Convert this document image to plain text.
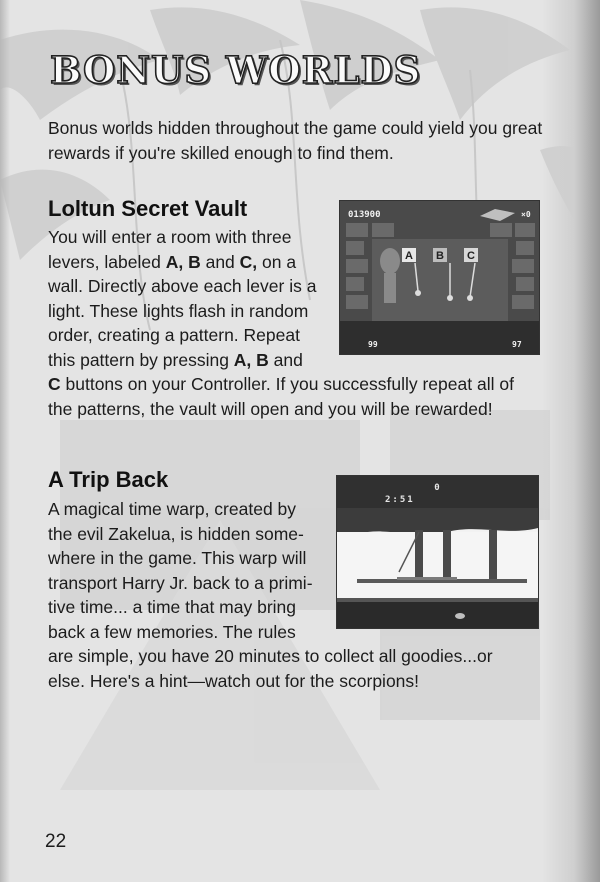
BONUS WORLDS

Bonus worlds hidden throughout the game could yield you great rewards if you're skilled enough to find them.

Loltun Secret Vault

You will enter a room with three
levers, labeled A, B and C, on a
wall. Directly above each lever is a
light. These lights flash in random
order, creating a pattern. Repeat
this pattern by pressing A, B and
C buttons on your Controller. If you successfully repeat all of
the patterns, the vault will open and you will be rewarded!

A B C
013900	×0
99	97
A Trip Back

A magical time warp, created by
the evil Zakelua, is hidden some-
where in the game. This warp will
transport Harry Jr. back to a primi-
tive time... a time that may bring
back a few memories. The rules
are simple, you have 20 minutes to collect all goodies...or
else. Here's a hint—watch out for the scorpions!

0
2:51

22
